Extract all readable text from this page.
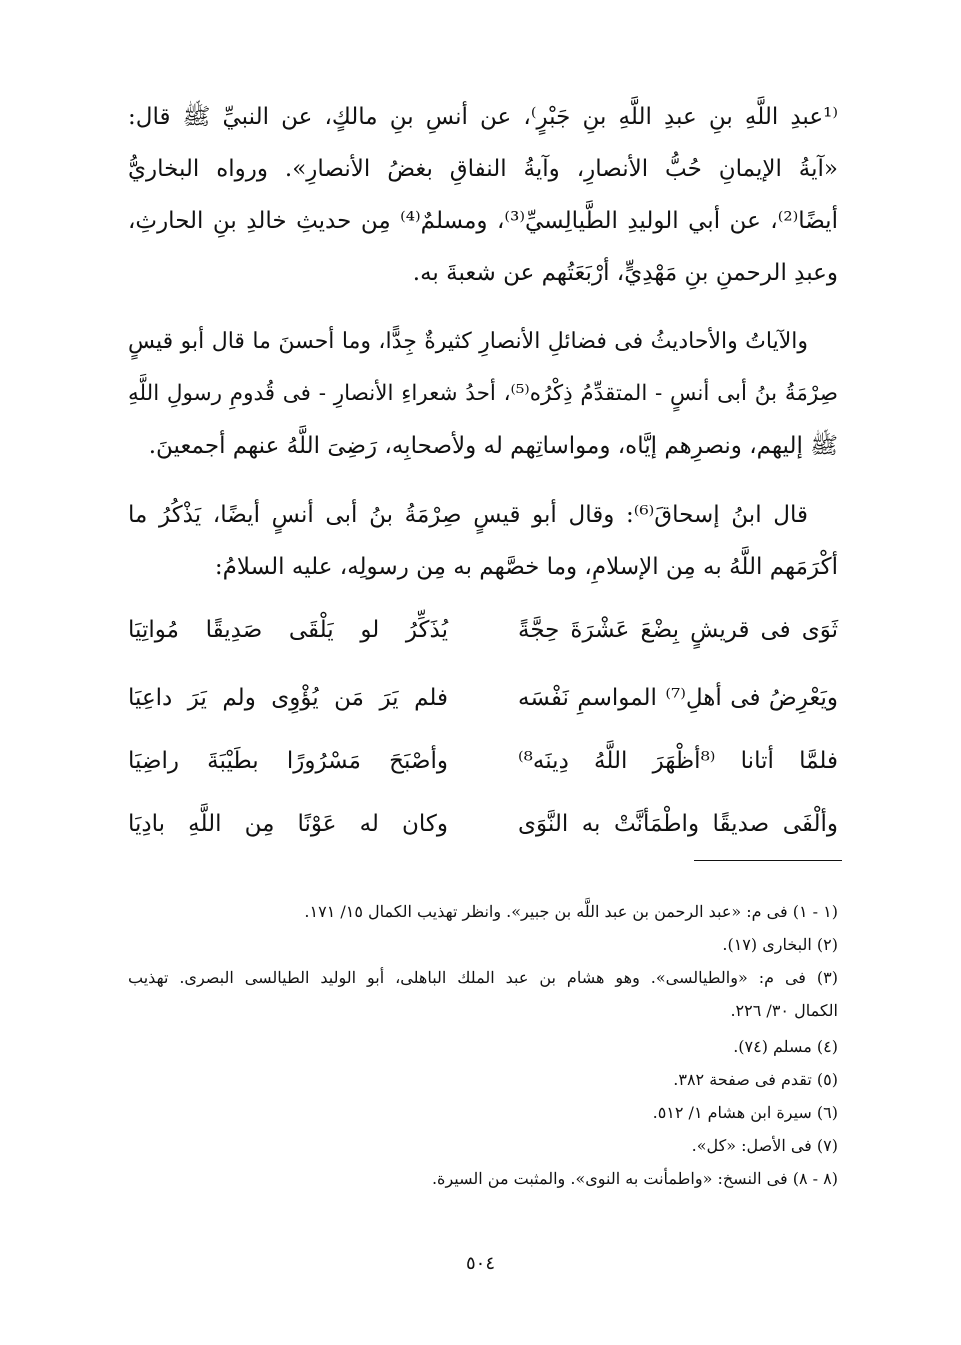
⁽¹عبدِ اللَّهِ بنِ عبدِ اللَّهِ بنِ جَبْرٍ⁾، عن أنسِ بنِ مالكٍ، عن النبيِّ ﷺ قال:
«آيةُ الإيمانِ حُبُّ الأنصارِ، وآيةُ النفاقِ بغضُ الأنصارِ». ورواه البخاريُّ
أيضًا⁽²⁾، عن أبي الوليدِ الطَّيالِسيِّ⁽³⁾، ومسلمٌ⁽⁴⁾ مِن حديثِ خالدِ بنِ الحارثِ،
وعبدِ الرحمنِ بنِ مَهْدِيٍّ، أرْبَعَتُهم عن شعبةَ به.
والآياتُ والأحاديثُ فى فضائلِ الأنصارِ كثيرةٌ جِدًّا، وما أحسنَ ما قال أبو قيسٍ
صِرْمَةُ بنُ أبى أنسٍ - المتقدِّمُ ذِكْرُه⁽⁵⁾، أحدُ شعراءِ الأنصارِ - فى قُدومِ رسولِ اللَّهِ
ﷺ إليهم، ونصرِهم إيَّاه، ومواساتِهم له ولأصحابِه، رَضِىَ اللَّهُ عنهم أجمعينَ.
قال ابنُ إسحاقَ⁽⁶⁾: وقال أبو قيسٍ صِرْمَةُ بنُ أبى أنسٍ أيضًا، يَذْكُرُ ما
أكْرَمَهم اللَّهُ به مِن الإسلامِ، وما خصَّهم به مِن رسولِه، عليه السلامُ:
ثَوَى فى قريشٍ بِضْعَ عَشْرَةَ حِجَّةً
يُذَكِّرُ لو يَلْقَى صَدِيقًا مُواتِيَا
ويَعْرِضُ فى أهلِ⁽⁷⁾ المواسمِ نَفْسَه
فلم يَرَ مَن يُؤْوِى ولم يَرَ داعِيَا
فلمَّا أتانا ⁽⁸أظْهَرَ اللَّهُ دِينَه⁸⁾
وأصْبَحَ مَسْرُورًا بطَيْبَةَ راضِيَا
وألْفَى صديقًا واطْمَأنَّتْ به النَّوَى
وكان له عَوْنًا مِن اللَّهِ بادِيَا
(١ - ١) فى م: «عبد الرحمن بن عبد اللَّه بن جبير». وانظر تهذيب الكمال ١٥/ ١٧١.
(٢) البخارى (١٧).
(٣) فى م: «والطيالسى». وهو هشام بن عبد الملك الباهلى، أبو الوليد الطيالسى البصرى. تهذيب
الكمال ٣٠/ ٢٢٦.
(٤) مسلم (٧٤).
(٥) تقدم فى صفحة ٣٨٢.
(٦) سيرة ابن هشام ١/ ٥١٢.
(٧) فى الأصل: «كل».
(٨ - ٨) فى النسخ: «واطمأنت به النوى». والمثبت من السيرة.
٥٠٤
